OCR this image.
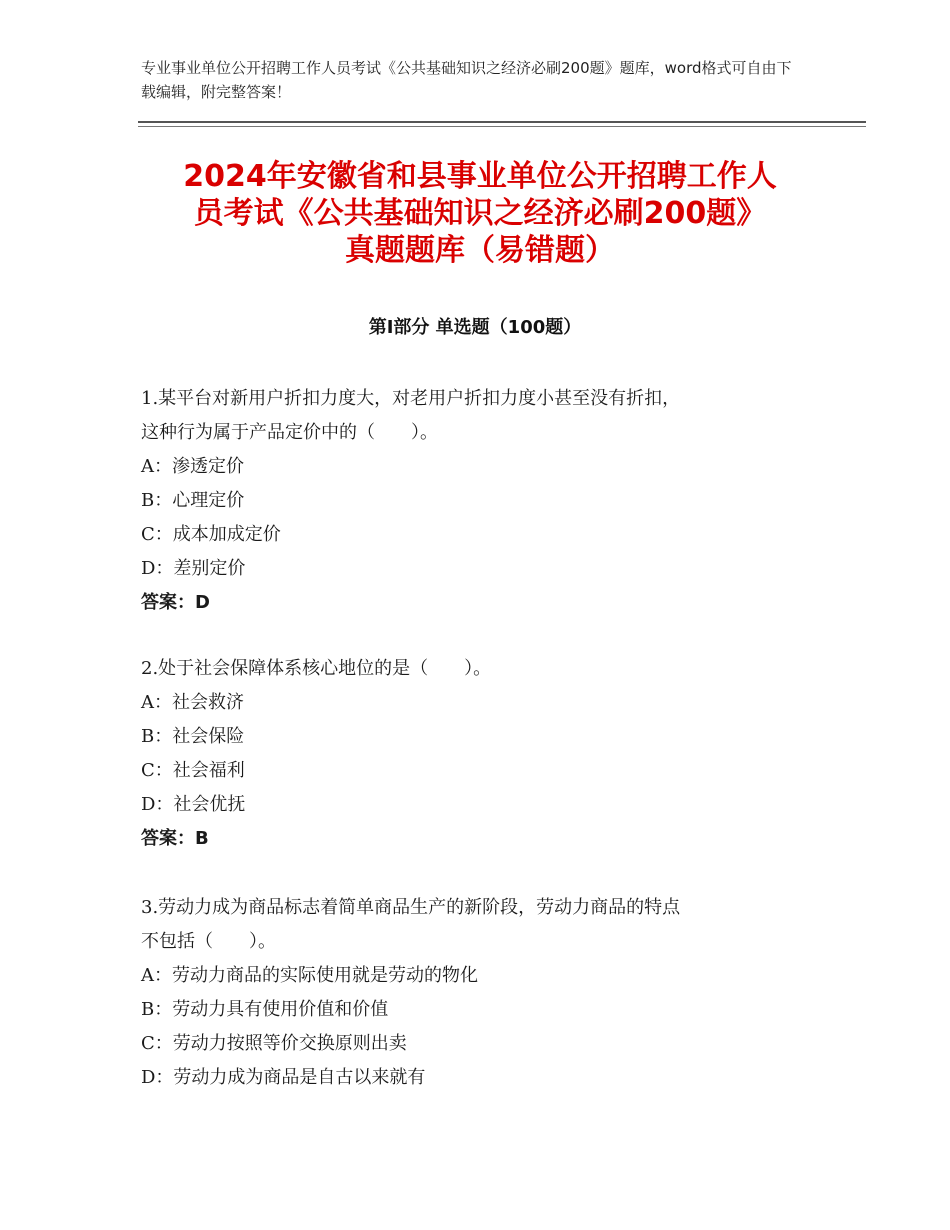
专业事业单位公开招聘工作人员考试《公共基础知识之经济必刷200题》题库，word格式可自由下载编辑，附完整答案！
2024年安徽省和县事业单位公开招聘工作人
员考试《公共基础知识之经济必刷200题》
真题题库（易错题）
第Ⅰ部分 单选题（100题）
1.某平台对新用户折扣力度大，对老用户折扣力度小甚至没有折扣，
这种行为属于产品定价中的（　　）。
A：渗透定价
B：心理定价
C：成本加成定价
D：差别定价
答案：D
2.处于社会保障体系核心地位的是（　　）。
A：社会救济
B：社会保险
C：社会福利
D：社会优抚
答案：B
3.劳动力成为商品标志着简单商品生产的新阶段，劳动力商品的特点
不包括（　　）。
A：劳动力商品的实际使用就是劳动的物化
B：劳动力具有使用价值和价值
C：劳动力按照等价交换原则出卖
D：劳动力成为商品是自古以来就有
